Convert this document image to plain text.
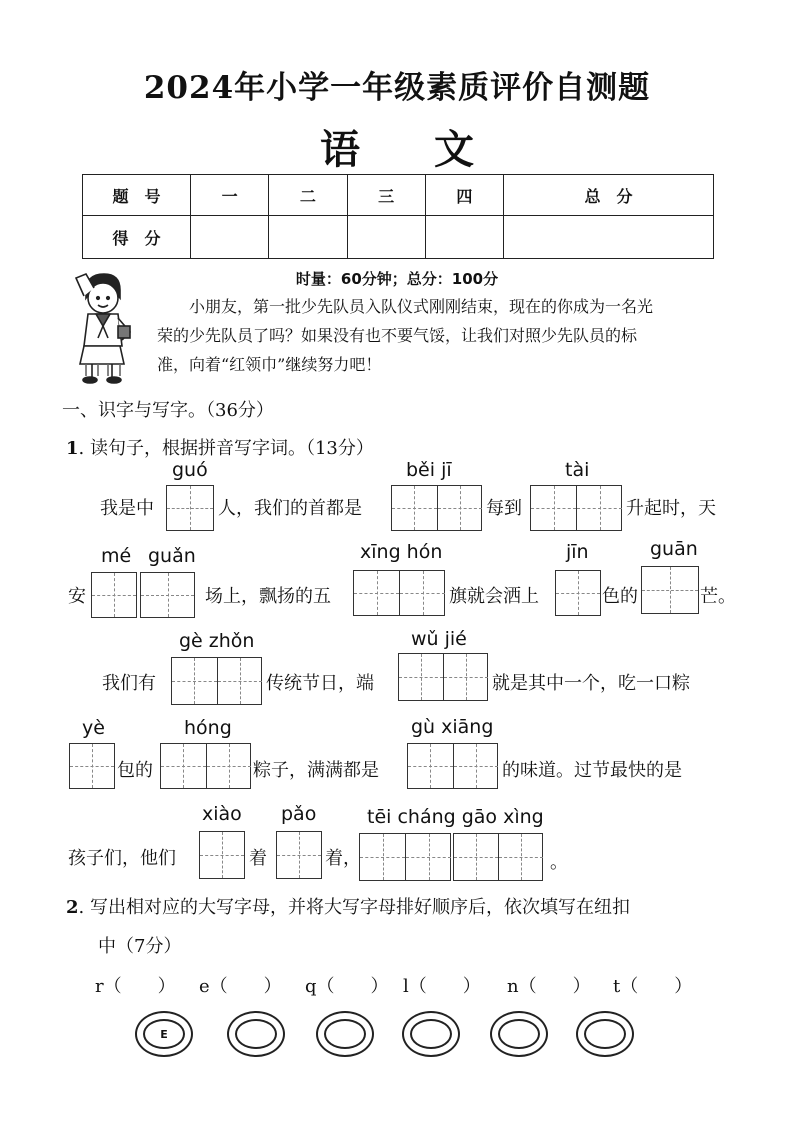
2024年小学一年级素质评价自测题
语 文
题　号	一	二	三	四	总　分
得　分					
时量：60分钟；总分：100分

小朋友，第一批少先队员入队仪式刚刚结束，现在的你成为一名光

荣的少先队员了吗？如果没有也不要气馁，让我们对照少先队员的标

准，向着“红领巾”继续努力吧！

一、识字与写字。（36分）
1. 读句子，根据拼音写字词。（13分）
guó	běi jī	tài
我是中	人，我们的首都是	每到	升起时，天
mé guǎn	xīng hón	jīn	guān
安	场上，飘扬的五	旗就会洒上	色的	芒。
gè zhǒn	wǔ jié
我们有	传统节日，端	就是其中一个，吃一口粽
yè	hóng	gù xiāng
包的	粽子，满满都是	的味道。过节最快的是
xiào pǎo	tēi cháng gāo xìng
孩子们，他们	着	着，	。
2. 写出相对应的大写字母，并将大写字母排好顺序后，依次填写在纽扣
中（7分）
r（　　） e（　　） q（　　） l（　　） n（　　） t（　　）
E
